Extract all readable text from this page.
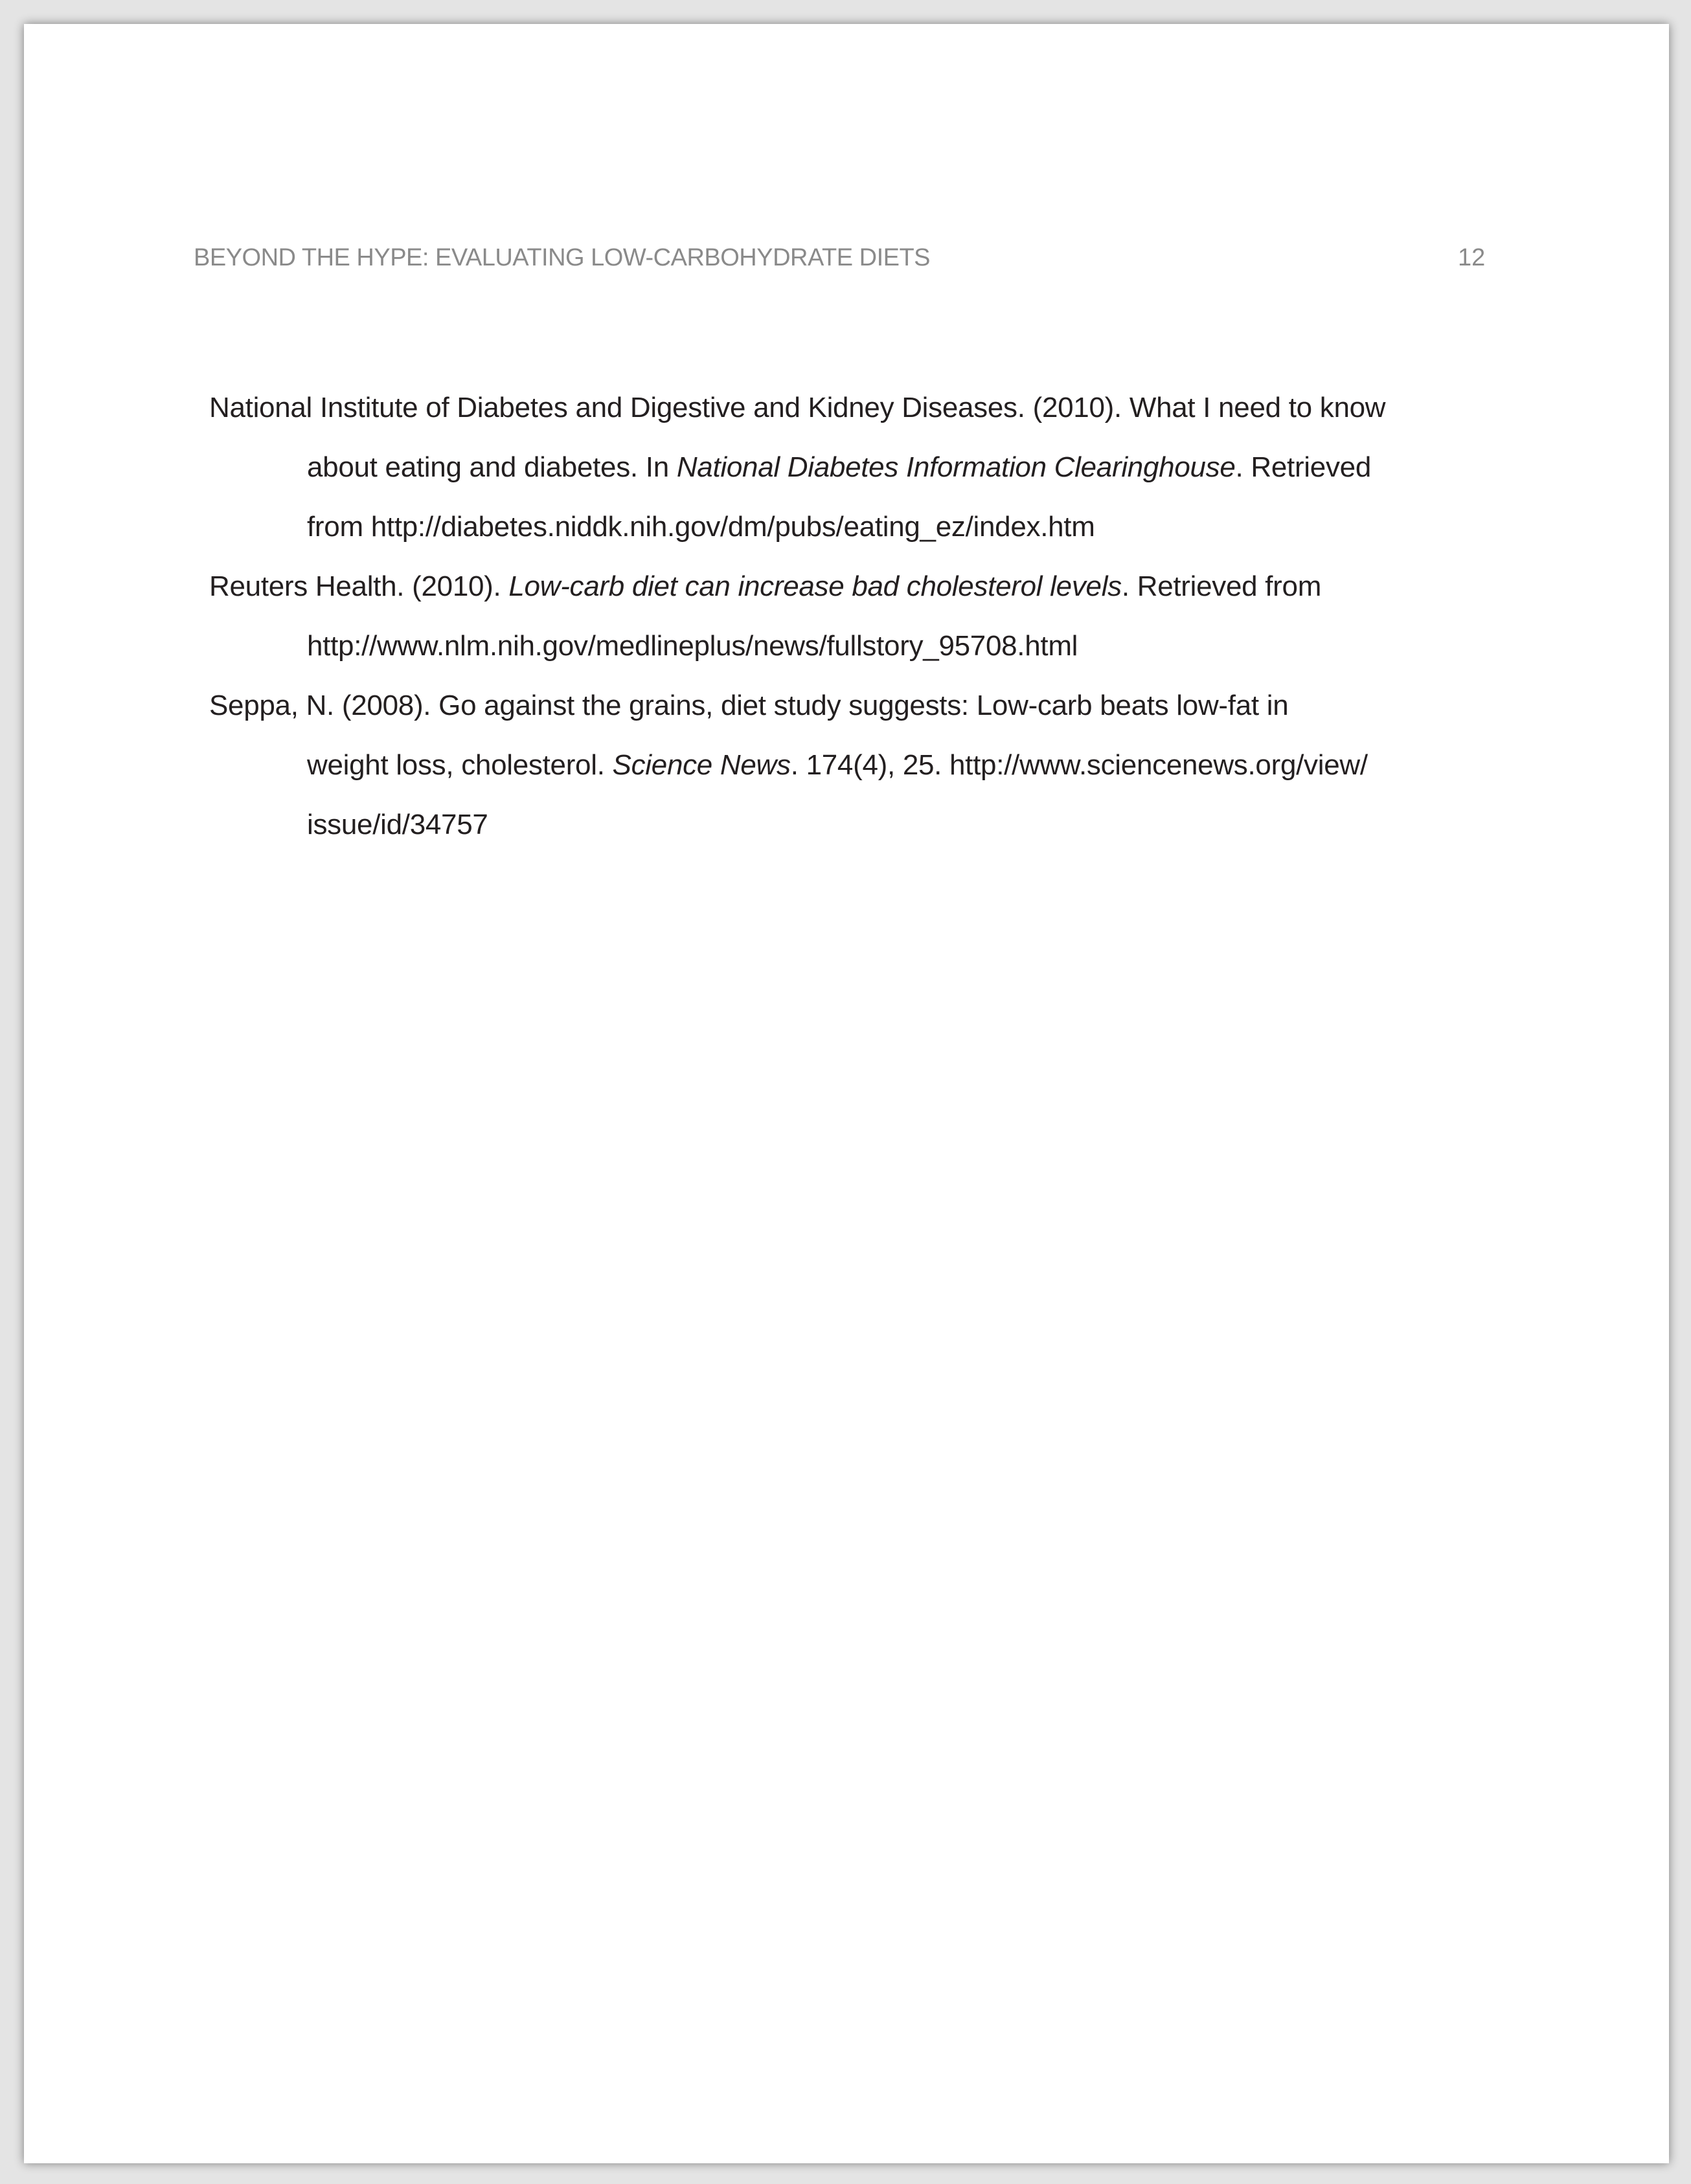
BEYOND THE HYPE: EVALUATING LOW-CARBOHYDRATE DIETS	12
National Institute of Diabetes and Digestive and Kidney Diseases. (2010). What I need to know
about eating and diabetes. In National Diabetes Information Clearinghouse. Retrieved
from http://diabetes.niddk.nih.gov/dm/pubs/eating_ez/index.htm
Reuters Health. (2010). Low-carb diet can increase bad cholesterol levels. Retrieved from
http://www.nlm.nih.gov/medlineplus/news/fullstory_95708.html
Seppa, N. (2008). Go against the grains, diet study suggests: Low-carb beats low-fat in
weight loss, cholesterol. Science News. 174(4), 25. http://www.sciencenews.org/view/
issue/id/34757
